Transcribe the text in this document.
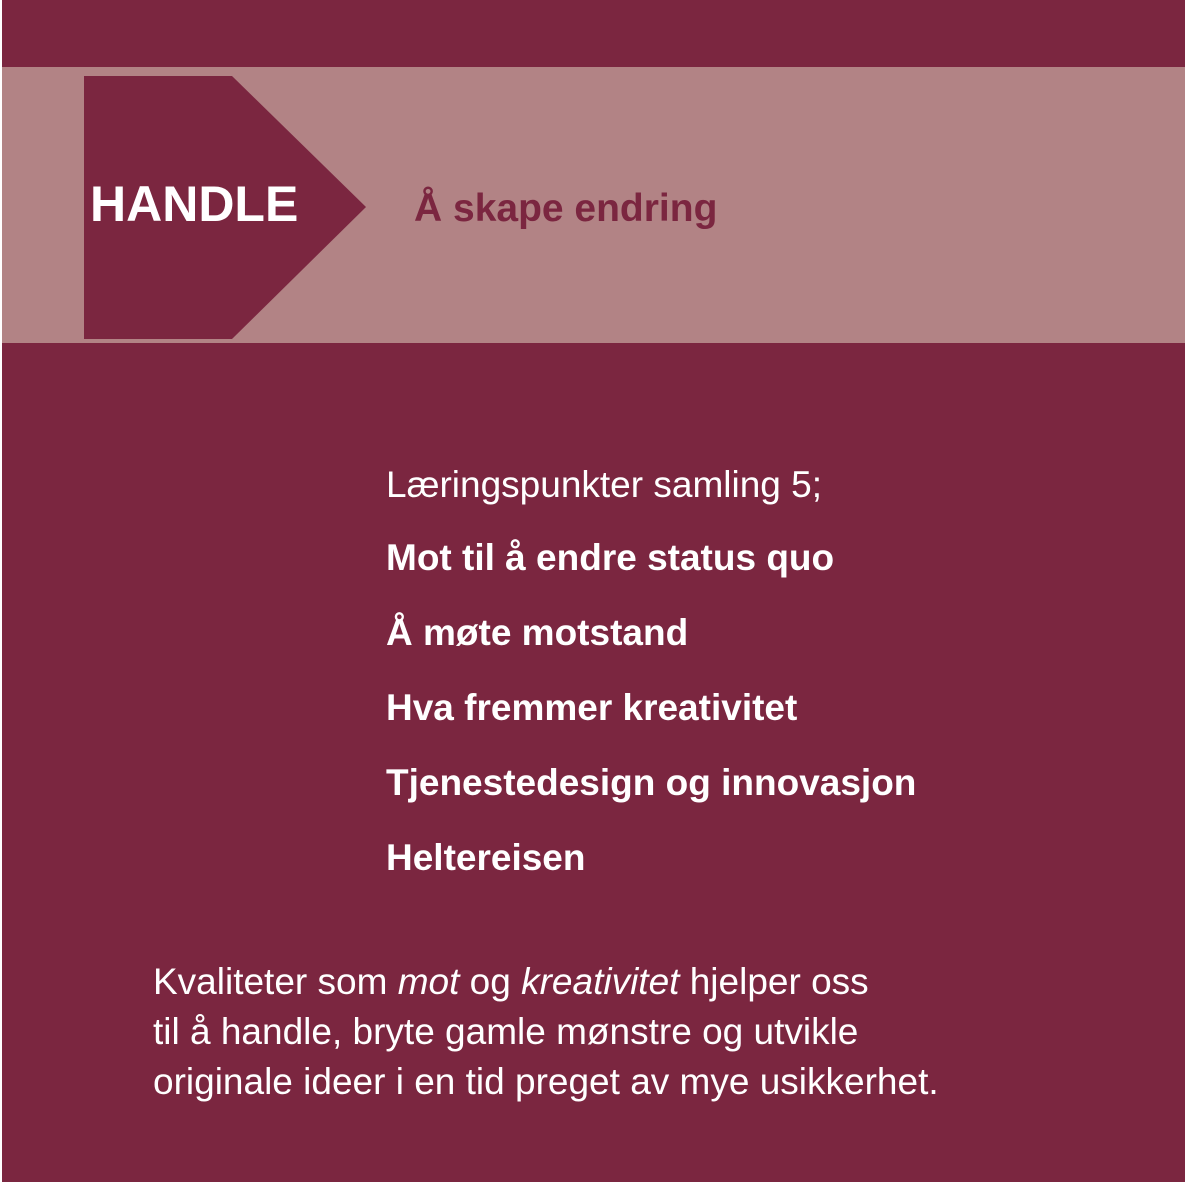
HANDLE	Å skape endring
Læringspunkter samling 5;
Mot til å endre status quo
Å møte motstand
Hva fremmer kreativitet
Tjenestedesign og innovasjon
Heltereisen
Kvaliteter som mot og kreativitet hjelper oss
til å handle, bryte gamle mønstre og utvikle
originale ideer i en tid preget av mye usikkerhet.
